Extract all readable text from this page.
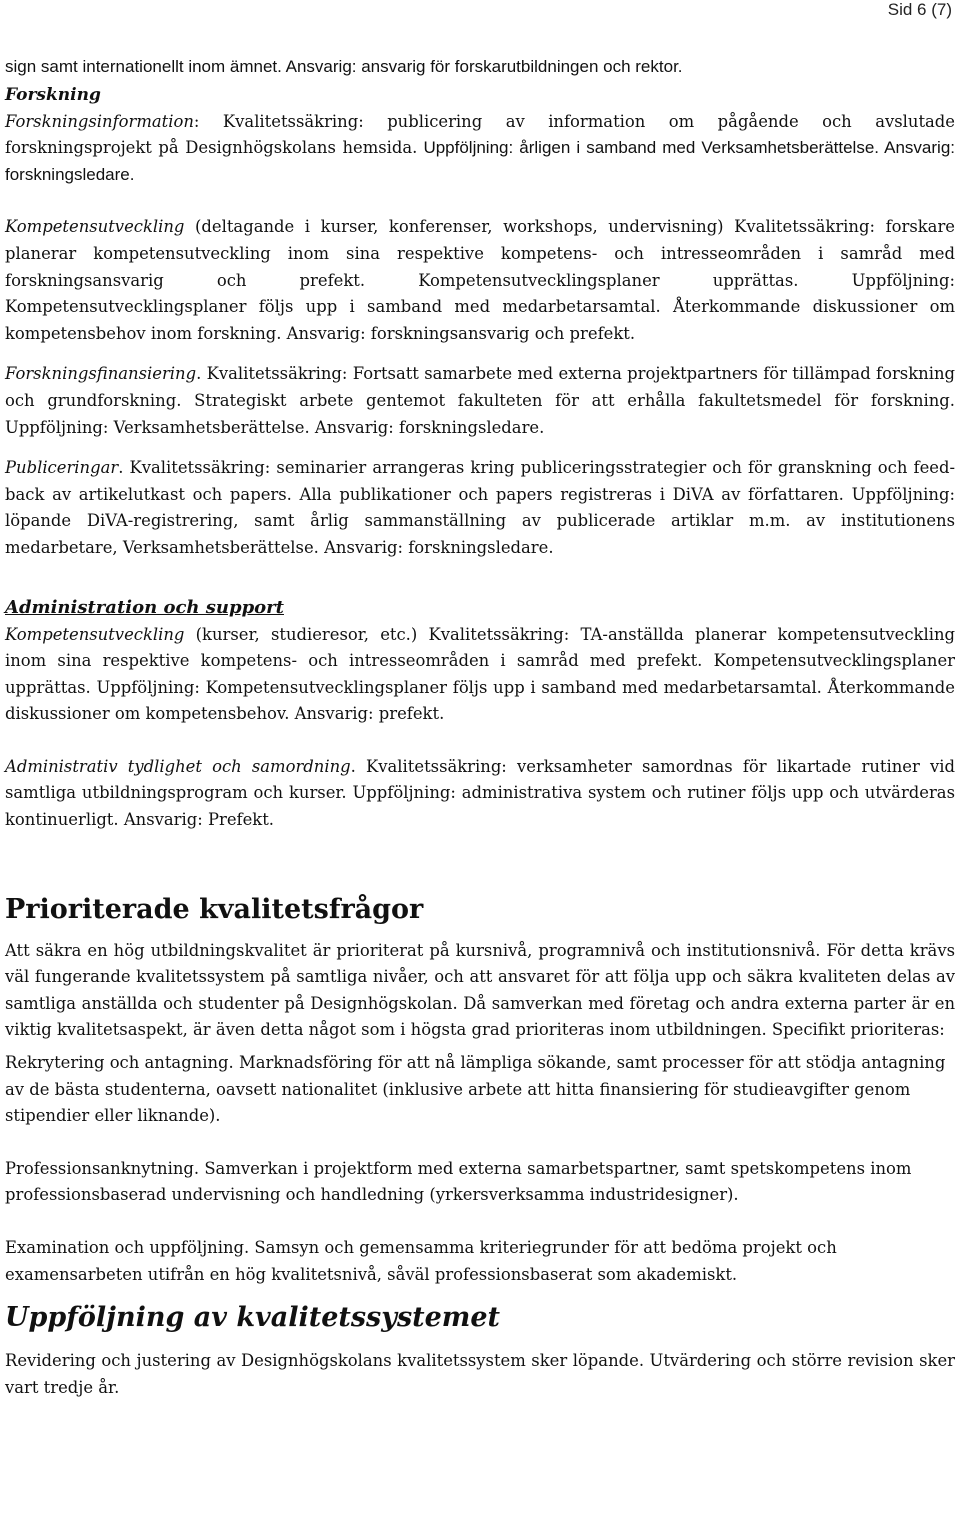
Sid 6 (7)

sign samt internationellt inom ämnet. Ansvarig: ansvarig för forskarutbildningen och rektor.

Forskning

Forskningsinformation: Kvalitetssäkring: publicering av information om pågående och avslutade forskningsprojekt på Designhögskolans hemsida. Uppföljning: årligen i samband med Verksamhetsberättelse. Ansvarig: forskningsledare.

Kompetensutveckling (deltagande i kurser, konferenser, workshops, undervisning) Kvalitetssäkring: forskare planerar kompetensutveckling inom sina respektive kompetens- och intresseområden i samråd med forskningsansvarig och prefekt. Kompetensutvecklingsplaner upprättas. Uppföljning: Kompetensutvecklingsplaner följs upp i samband med medarbetarsamtal. Återkommande diskussioner om kompetensbehov inom forskning. Ansvarig: forskningsansvarig och prefekt.

Forskningsfinansiering. Kvalitetssäkring: Fortsatt samarbete med externa projektpartners för tillämpad forskning och grundforskning. Strategiskt arbete gentemot fakulteten för att erhålla fakultetsmedel för forskning. Uppföljning: Verksamhetsberättelse. Ansvarig: forskningsledare.

Publiceringar. Kvalitetssäkring: seminarier arrangeras kring publiceringsstrategier och för granskning och feed-back av artikelutkast och papers. Alla publikationer och papers registreras i DiVA av författaren. Uppföljning: löpande DiVA-registrering, samt årlig sammanställning av publicerade artiklar m.m. av institutionens medarbetare, Verksamhetsberättelse. Ansvarig: forskningsledare.

Administration och support

Kompetensutveckling (kurser, studieresor, etc.) Kvalitetssäkring: TA-anställda planerar kompetensutveckling inom sina respektive kompetens- och intresseområden i samråd med prefekt. Kompetensutvecklingsplaner upprättas. Uppföljning: Kompetensutvecklingsplaner följs upp i samband med medarbetarsamtal. Återkommande diskussioner om kompetensbehov. Ansvarig: prefekt.

Administrativ tydlighet och samordning. Kvalitetssäkring: verksamheter samordnas för likartade rutiner vid samtliga utbildningsprogram och kurser. Uppföljning: administrativa system och rutiner följs upp och utvärderas kontinuerligt. Ansvarig: Prefekt.

Prioriterade kvalitetsfrågor

Att säkra en hög utbildningskvalitet är prioriterat på kursnivå, programnivå och institutionsnivå. För detta krävs väl fungerande kvalitetssystem på samtliga nivåer, och att ansvaret för att följa upp och säkra kvaliteten delas av samtliga anställda och studenter på Designhögskolan. Då samverkan med företag och andra externa parter är en viktig kvalitetsaspekt, är även detta något som i högsta grad prioriteras inom utbildningen. Specifikt prioriteras:

Rekrytering och antagning. Marknadsföring för att nå lämpliga sökande, samt processer för att stödja antagning av de bästa studenterna, oavsett nationalitet (inklusive arbete att hitta finansiering för studieavgifter genom stipendier eller liknande).

Professionsanknytning. Samverkan i projektform med externa samarbetspartner, samt spetskompetens inom professionsbaserad undervisning och handledning (yrkersverksamma industridesigner).

Examination och uppföljning. Samsyn och gemensamma kriteriegrunder för att bedöma projekt och examensarbeten utifrån en hög kvalitetsnivå, såväl professionsbaserat som akademiskt.

Uppföljning av kvalitetssystemet

Revidering och justering av Designhögskolans kvalitetssystem sker löpande. Utvärdering och större revision sker vart tredje år.
